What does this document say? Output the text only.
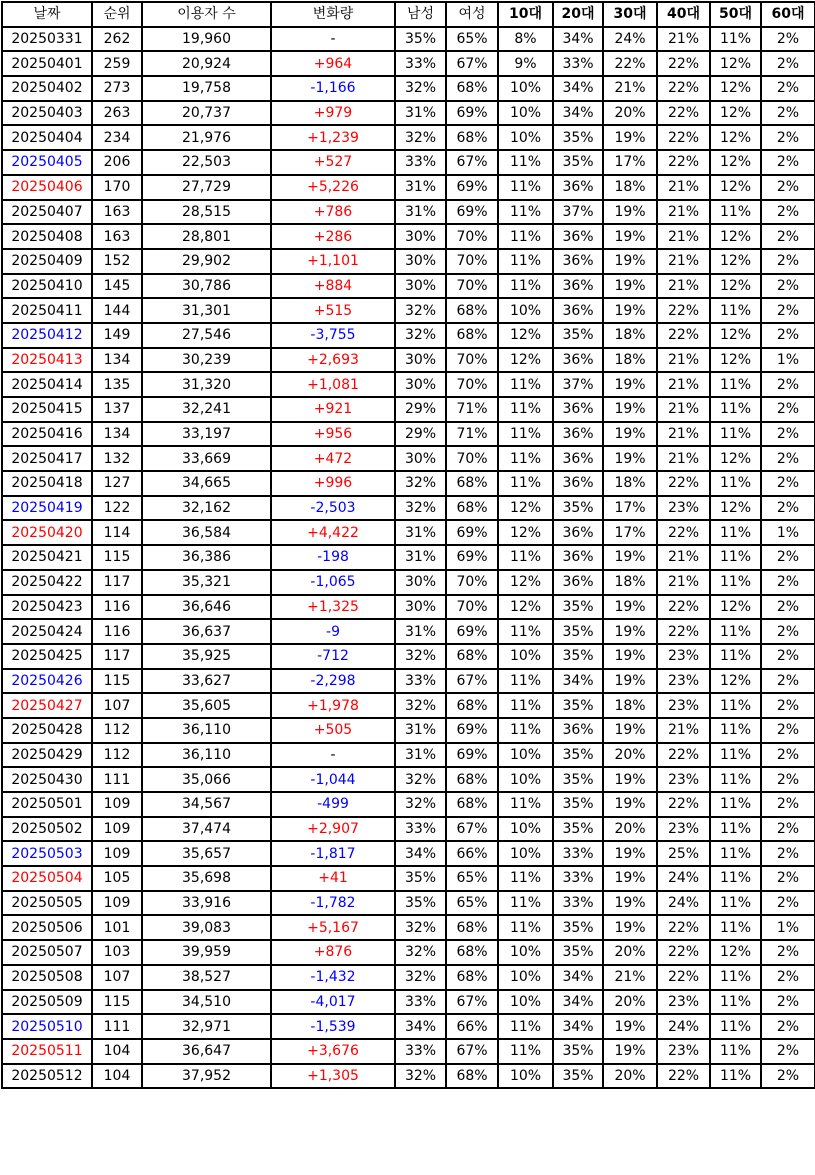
날짜	순위	이용자 수	변화량	남성	여성	10대	20대	30대	40대	50대	60대
20250331	262	19,960	-	35%	65%	8%	34%	24%	21%	11%	2%
20250401	259	20,924	+964	33%	67%	9%	33%	22%	22%	12%	2%
20250402	273	19,758	-1,166	32%	68%	10%	34%	21%	22%	12%	2%
20250403	263	20,737	+979	31%	69%	10%	34%	20%	22%	12%	2%
20250404	234	21,976	+1,239	32%	68%	10%	35%	19%	22%	12%	2%
20250405	206	22,503	+527	33%	67%	11%	35%	17%	22%	12%	2%
20250406	170	27,729	+5,226	31%	69%	11%	36%	18%	21%	12%	2%
20250407	163	28,515	+786	31%	69%	11%	37%	19%	21%	11%	2%
20250408	163	28,801	+286	30%	70%	11%	36%	19%	21%	12%	2%
20250409	152	29,902	+1,101	30%	70%	11%	36%	19%	21%	12%	2%
20250410	145	30,786	+884	30%	70%	11%	36%	19%	21%	12%	2%
20250411	144	31,301	+515	32%	68%	10%	36%	19%	22%	11%	2%
20250412	149	27,546	-3,755	32%	68%	12%	35%	18%	22%	12%	2%
20250413	134	30,239	+2,693	30%	70%	12%	36%	18%	21%	12%	1%
20250414	135	31,320	+1,081	30%	70%	11%	37%	19%	21%	11%	2%
20250415	137	32,241	+921	29%	71%	11%	36%	19%	21%	11%	2%
20250416	134	33,197	+956	29%	71%	11%	36%	19%	21%	11%	2%
20250417	132	33,669	+472	30%	70%	11%	36%	19%	21%	12%	2%
20250418	127	34,665	+996	32%	68%	11%	36%	18%	22%	11%	2%
20250419	122	32,162	-2,503	32%	68%	12%	35%	17%	23%	12%	2%
20250420	114	36,584	+4,422	31%	69%	12%	36%	17%	22%	11%	1%
20250421	115	36,386	-198	31%	69%	11%	36%	19%	21%	11%	2%
20250422	117	35,321	-1,065	30%	70%	12%	36%	18%	21%	11%	2%
20250423	116	36,646	+1,325	30%	70%	12%	35%	19%	22%	12%	2%
20250424	116	36,637	-9	31%	69%	11%	35%	19%	22%	11%	2%
20250425	117	35,925	-712	32%	68%	10%	35%	19%	23%	11%	2%
20250426	115	33,627	-2,298	33%	67%	11%	34%	19%	23%	12%	2%
20250427	107	35,605	+1,978	32%	68%	11%	35%	18%	23%	11%	2%
20250428	112	36,110	+505	31%	69%	11%	36%	19%	21%	11%	2%
20250429	112	36,110	-	31%	69%	10%	35%	20%	22%	11%	2%
20250430	111	35,066	-1,044	32%	68%	10%	35%	19%	23%	11%	2%
20250501	109	34,567	-499	32%	68%	11%	35%	19%	22%	11%	2%
20250502	109	37,474	+2,907	33%	67%	10%	35%	20%	23%	11%	2%
20250503	109	35,657	-1,817	34%	66%	10%	33%	19%	25%	11%	2%
20250504	105	35,698	+41	35%	65%	11%	33%	19%	24%	11%	2%
20250505	109	33,916	-1,782	35%	65%	11%	33%	19%	24%	11%	2%
20250506	101	39,083	+5,167	32%	68%	11%	35%	19%	22%	11%	1%
20250507	103	39,959	+876	32%	68%	10%	35%	20%	22%	12%	2%
20250508	107	38,527	-1,432	32%	68%	10%	34%	21%	22%	11%	2%
20250509	115	34,510	-4,017	33%	67%	10%	34%	20%	23%	11%	2%
20250510	111	32,971	-1,539	34%	66%	11%	34%	19%	24%	11%	2%
20250511	104	36,647	+3,676	33%	67%	11%	35%	19%	23%	11%	2%
20250512	104	37,952	+1,305	32%	68%	10%	35%	20%	22%	11%	2%
